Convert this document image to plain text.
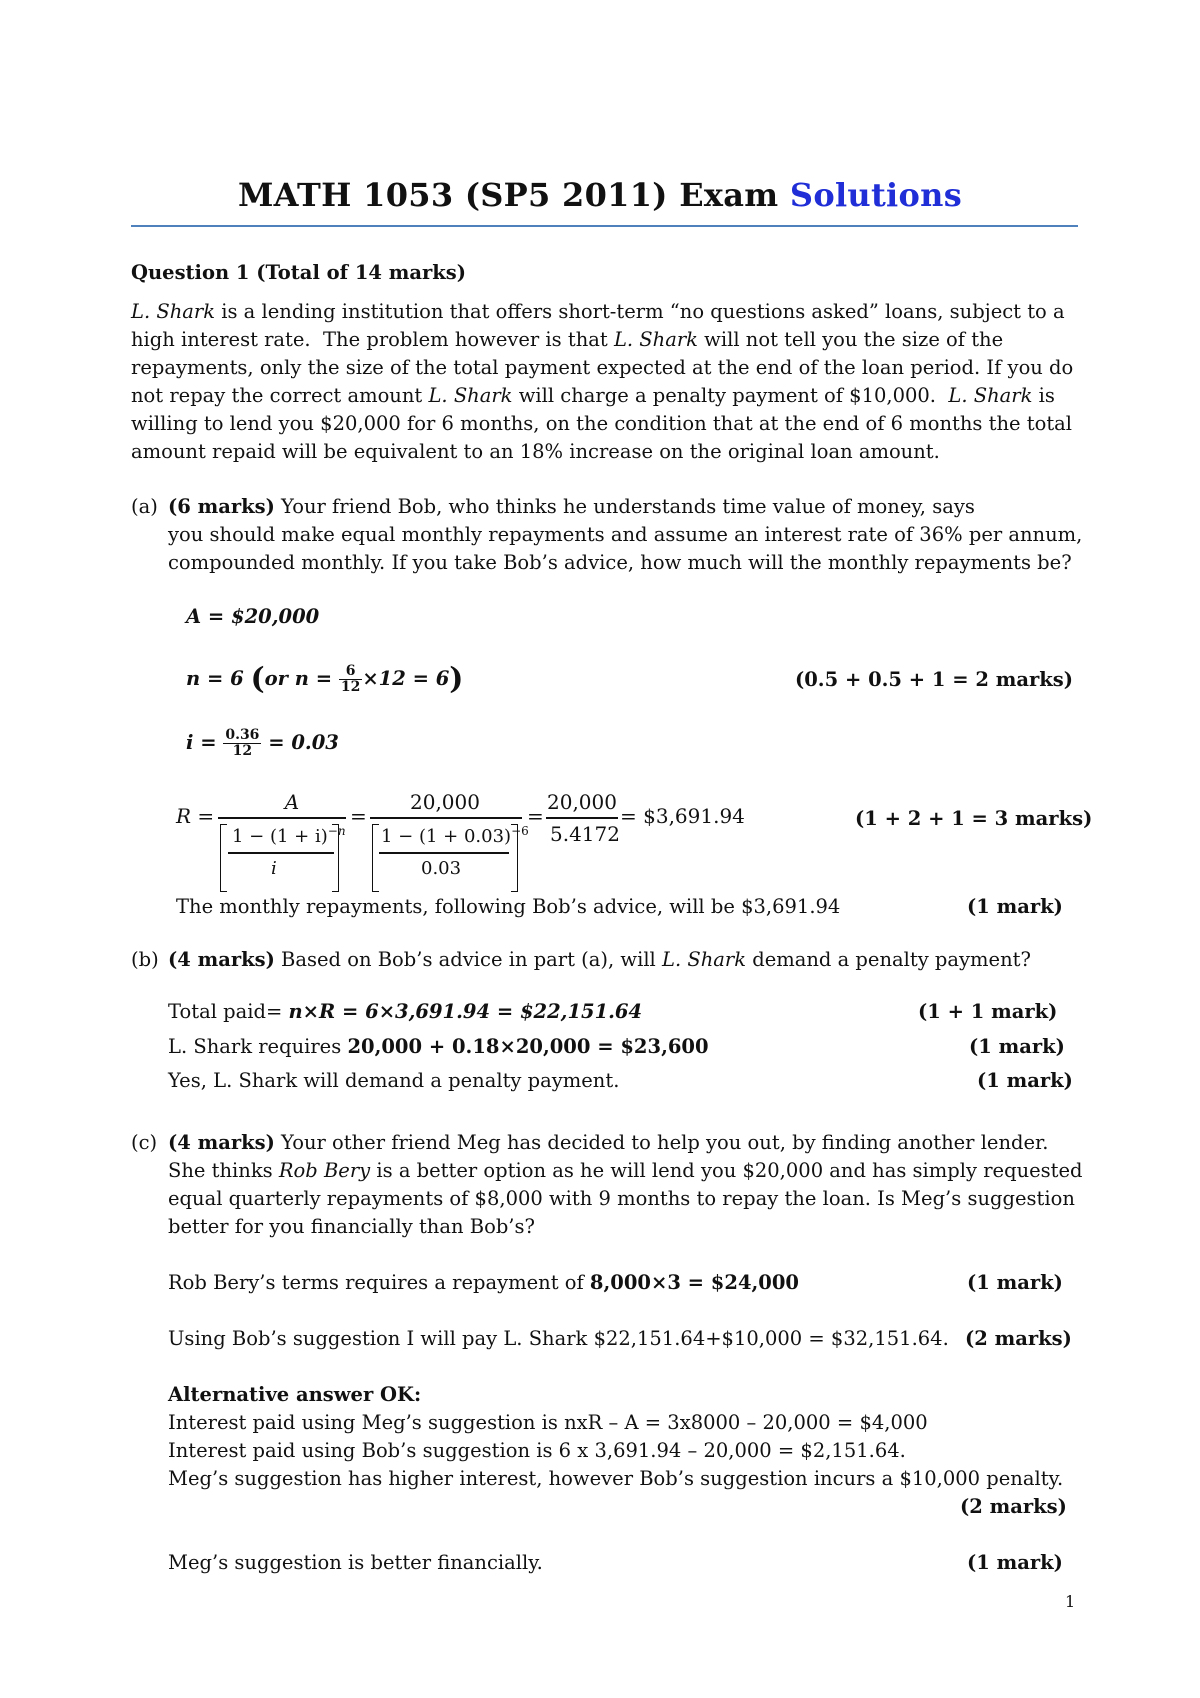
MATH 1053 (SP5 2011) Exam Solutions
Question 1 (Total of 14 marks)
L. Shark is a lending institution that offers short-term “no questions asked” loans, subject to a
high interest rate.  The problem however is that L. Shark will not tell you the size of the
repayments, only the size of the total payment expected at the end of the loan period. If you do
not repay the correct amount L. Shark will charge a penalty payment of $10,000.  L. Shark is
willing to lend you $20,000 for 6 months, on the condition that at the end of 6 months the total
amount repaid will be equivalent to an 18% increase on the original loan amount.
(a) (6 marks) Your friend Bob, who thinks he understands time value of money, says
you should make equal monthly repayments and assume an interest rate of 36% per annum,
compounded monthly. If you take Bob’s advice, how much will the monthly repayments be?
A = $20,000
n = 6 (or $n = \frac{6}{12} \times 12 = 6$)	(0.5 + 0.5 + 1 = 2 marks)
$i = \frac{0.36}{12} = 0.03$
R =
A
$1 - (1 + i)^{-n}$
i
=
20,000
$1 - (1 + 0.03)^{-6}$
0.03
=
20,000
5.4172
= $3,691.94	(1 + 2 + 1 = 3 marks)
The monthly repayments, following Bob’s advice, will be $3,691.94	(1 mark)
(b) (4 marks) Based on Bob’s advice in part (a), will L. Shark demand a penalty payment?
Total paid= n×R = 6×3,691.94 = $22,151.64	(1 + 1 mark)
L. Shark requires 20,000 + 0.18×20,000 = $23,600	(1 mark)
Yes, L. Shark will demand a penalty payment.	(1 mark)
(c) (4 marks) Your other friend Meg has decided to help you out, by finding another lender.
She thinks Rob Bery is a better option as he will lend you $20,000 and has simply requested
equal quarterly repayments of $8,000 with 9 months to repay the loan. Is Meg’s suggestion
better for you financially than Bob’s?
Rob Bery’s terms requires a repayment of 8,000×3 = $24,000	(1 mark)
Using Bob’s suggestion I will pay L. Shark $22,151.64+$10,000 = $32,151.64. (2 marks)
Alternative answer OK:
Interest paid using Meg’s suggestion is nxR – A = 3x8000 – 20,000 = $4,000
Interest paid using Bob’s suggestion is 6 x 3,691.94 – 20,000 = $2,151.64.
Meg’s suggestion has higher interest, however Bob’s suggestion incurs a $10,000 penalty.
(2 marks)
Meg’s suggestion is better financially.	(1 mark)
1
